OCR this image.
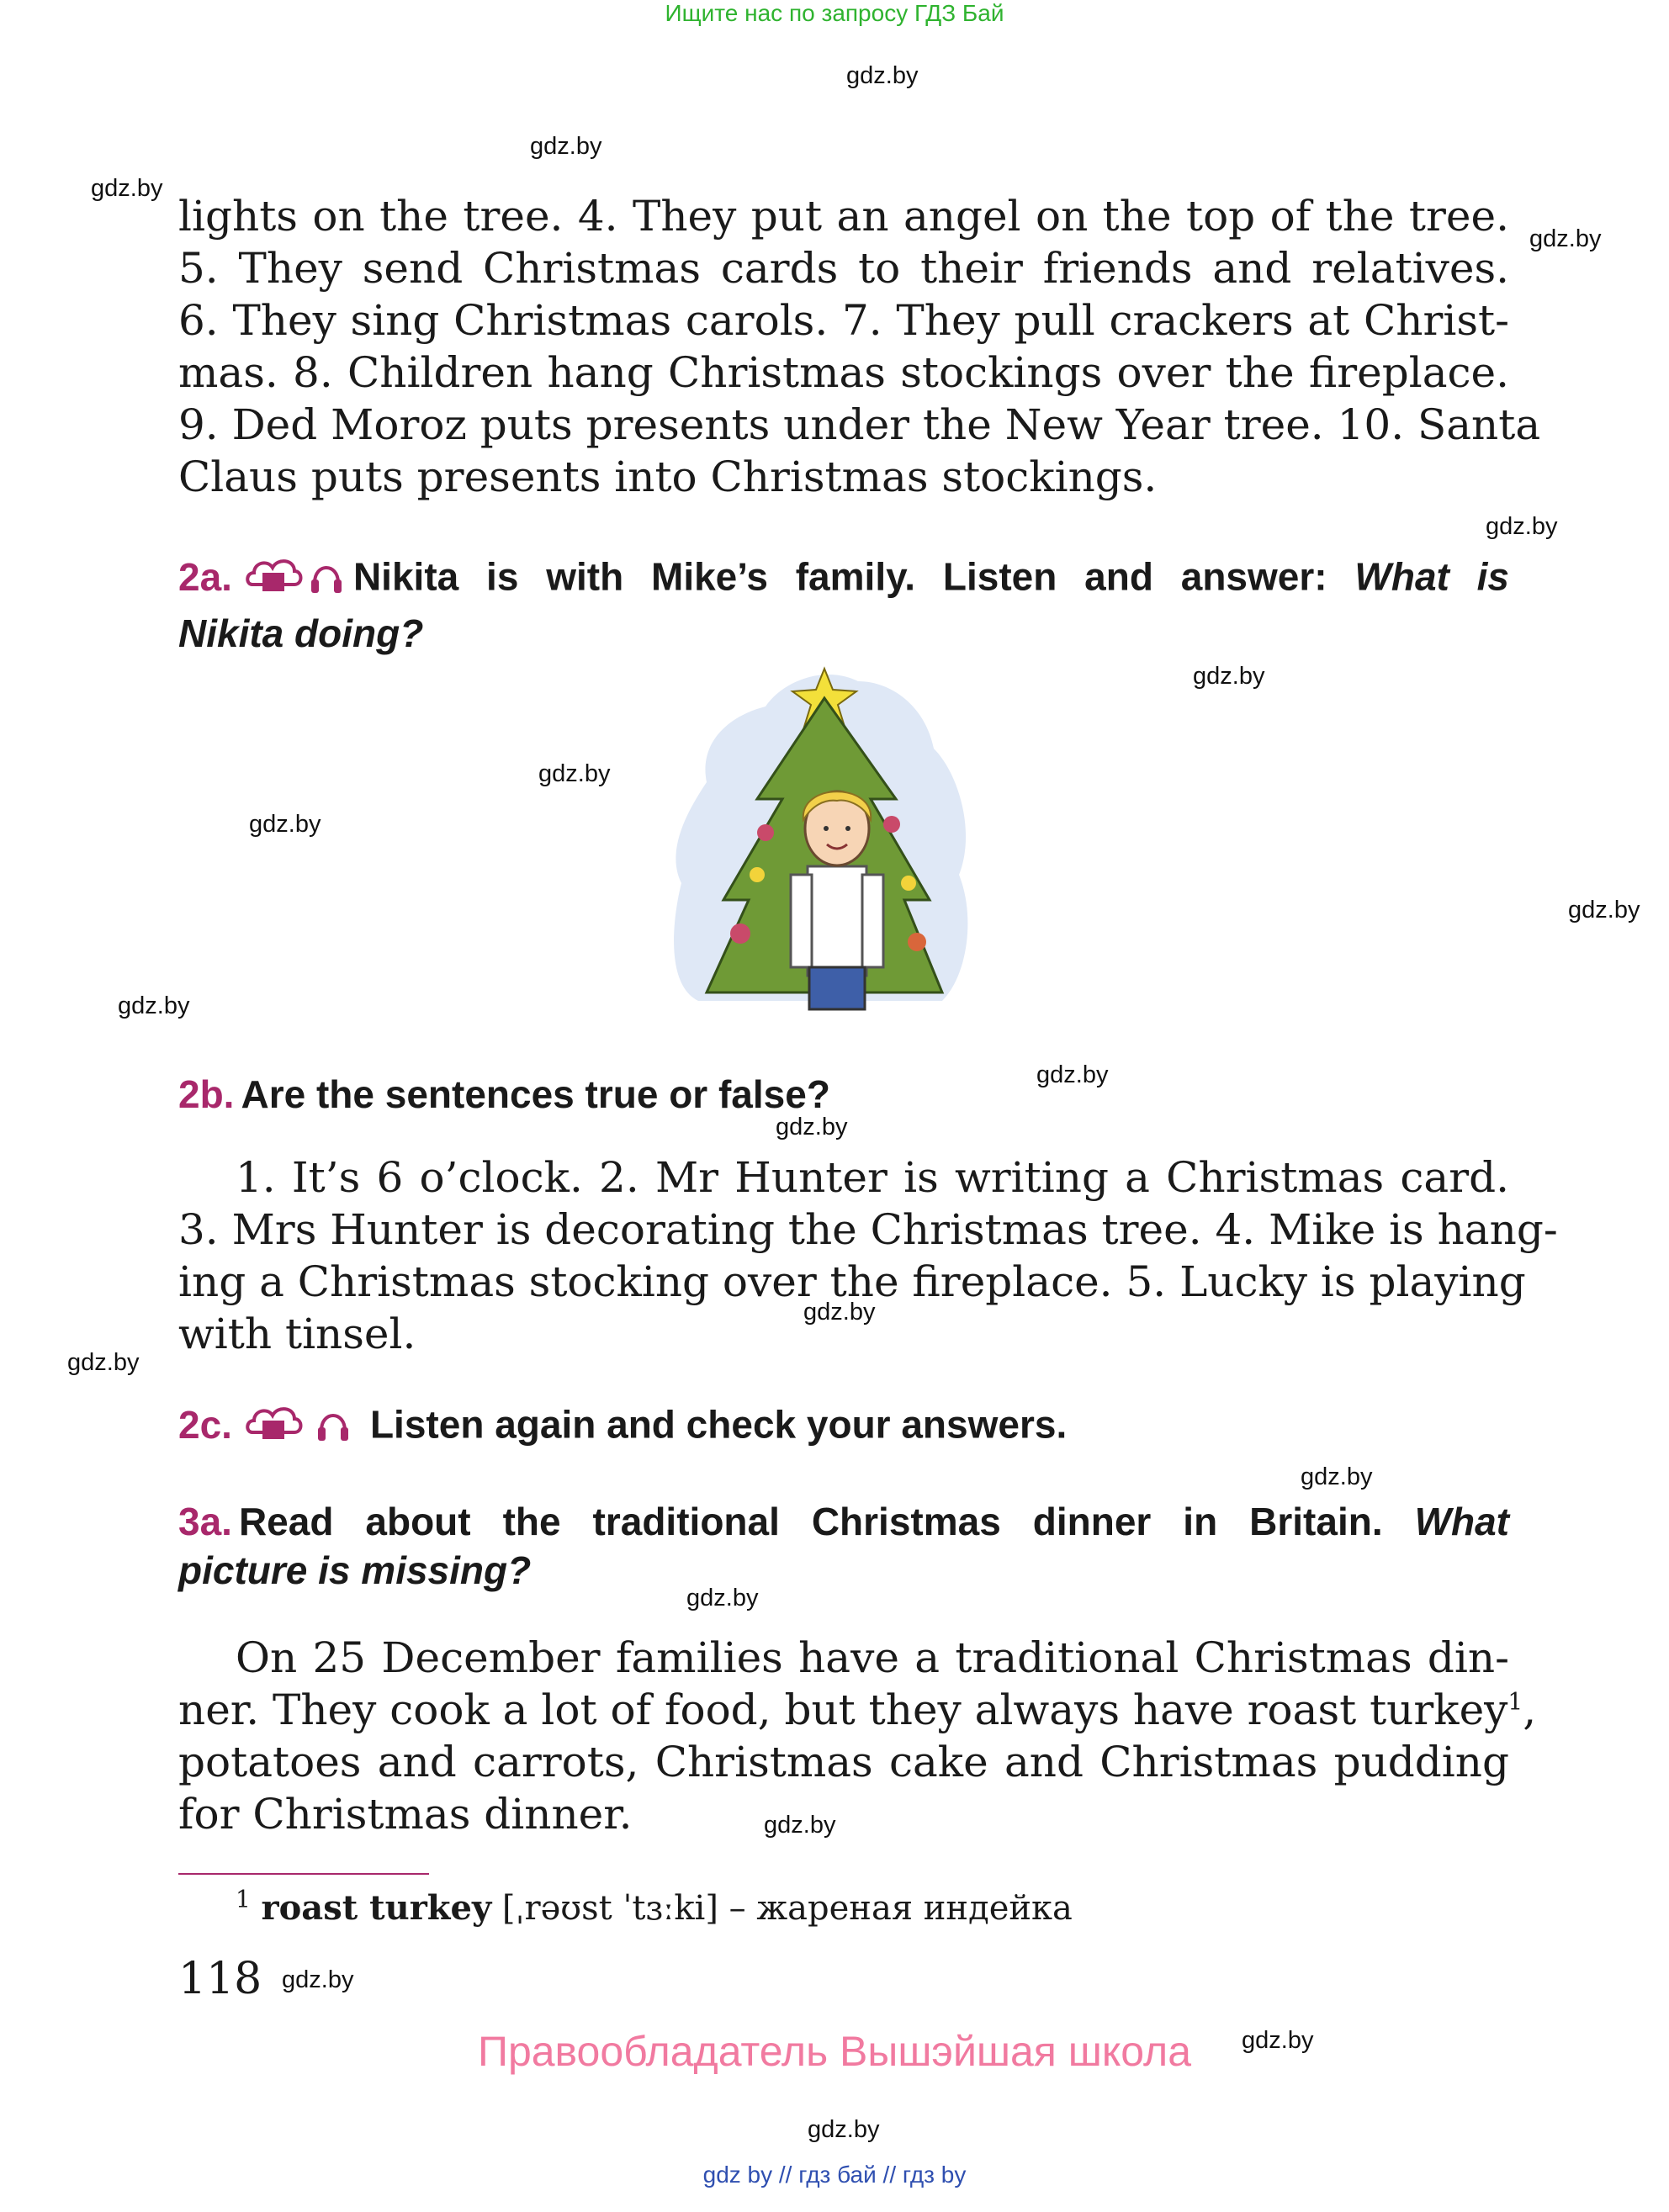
Ищите нас по запросу ГДЗ Бай
gdz.by
gdz.by
gdz.by
gdz.by
gdz.by
gdz.by
gdz.by
gdz.by
gdz.by
gdz.by
gdz.by
gdz.by
gdz.by
gdz.by
gdz.by
gdz.by
gdz.by
gdz.by
gdz.by
gdz.by
lights on the tree. 4. They put an angel on the top of the tree.
5. They send Christmas cards to their friends and relatives.
6. They sing Christmas carols. 7. They pull crackers at Christ-
mas. 8. Children hang Christmas stockings over the fireplace.
9. Ded Moroz puts presents under the New Year tree. 10. Santa
Claus puts presents into Christmas stockings.
2a.	Nikita is with Mike’s family. Listen and answer: What is
Nikita doing?
2b. Are the sentences true or false?
1. It’s 6 o’clock. 2. Mr Hunter is writing a Christmas card.
3. Mrs Hunter is decorating the Christmas tree. 4. Mike is hang-
ing a Christmas stocking over the fireplace. 5. Lucky is playing
with tinsel.
2c.	Listen again and check your answers.
3a. Read about the traditional Christmas dinner in Britain. What
picture is missing?
On 25 December families have a traditional Christmas din-
ner. They cook a lot of food, but they always have roast turkey$^1$,
potatoes and carrots, Christmas cake and Christmas pudding
for Christmas dinner.
$^1$ roast turkey [ˌrəʊst ˈtɜːki] – жареная индейка
118
Правообладатель Вышэйшая школа
gdz by // гдз бай // гдз by
